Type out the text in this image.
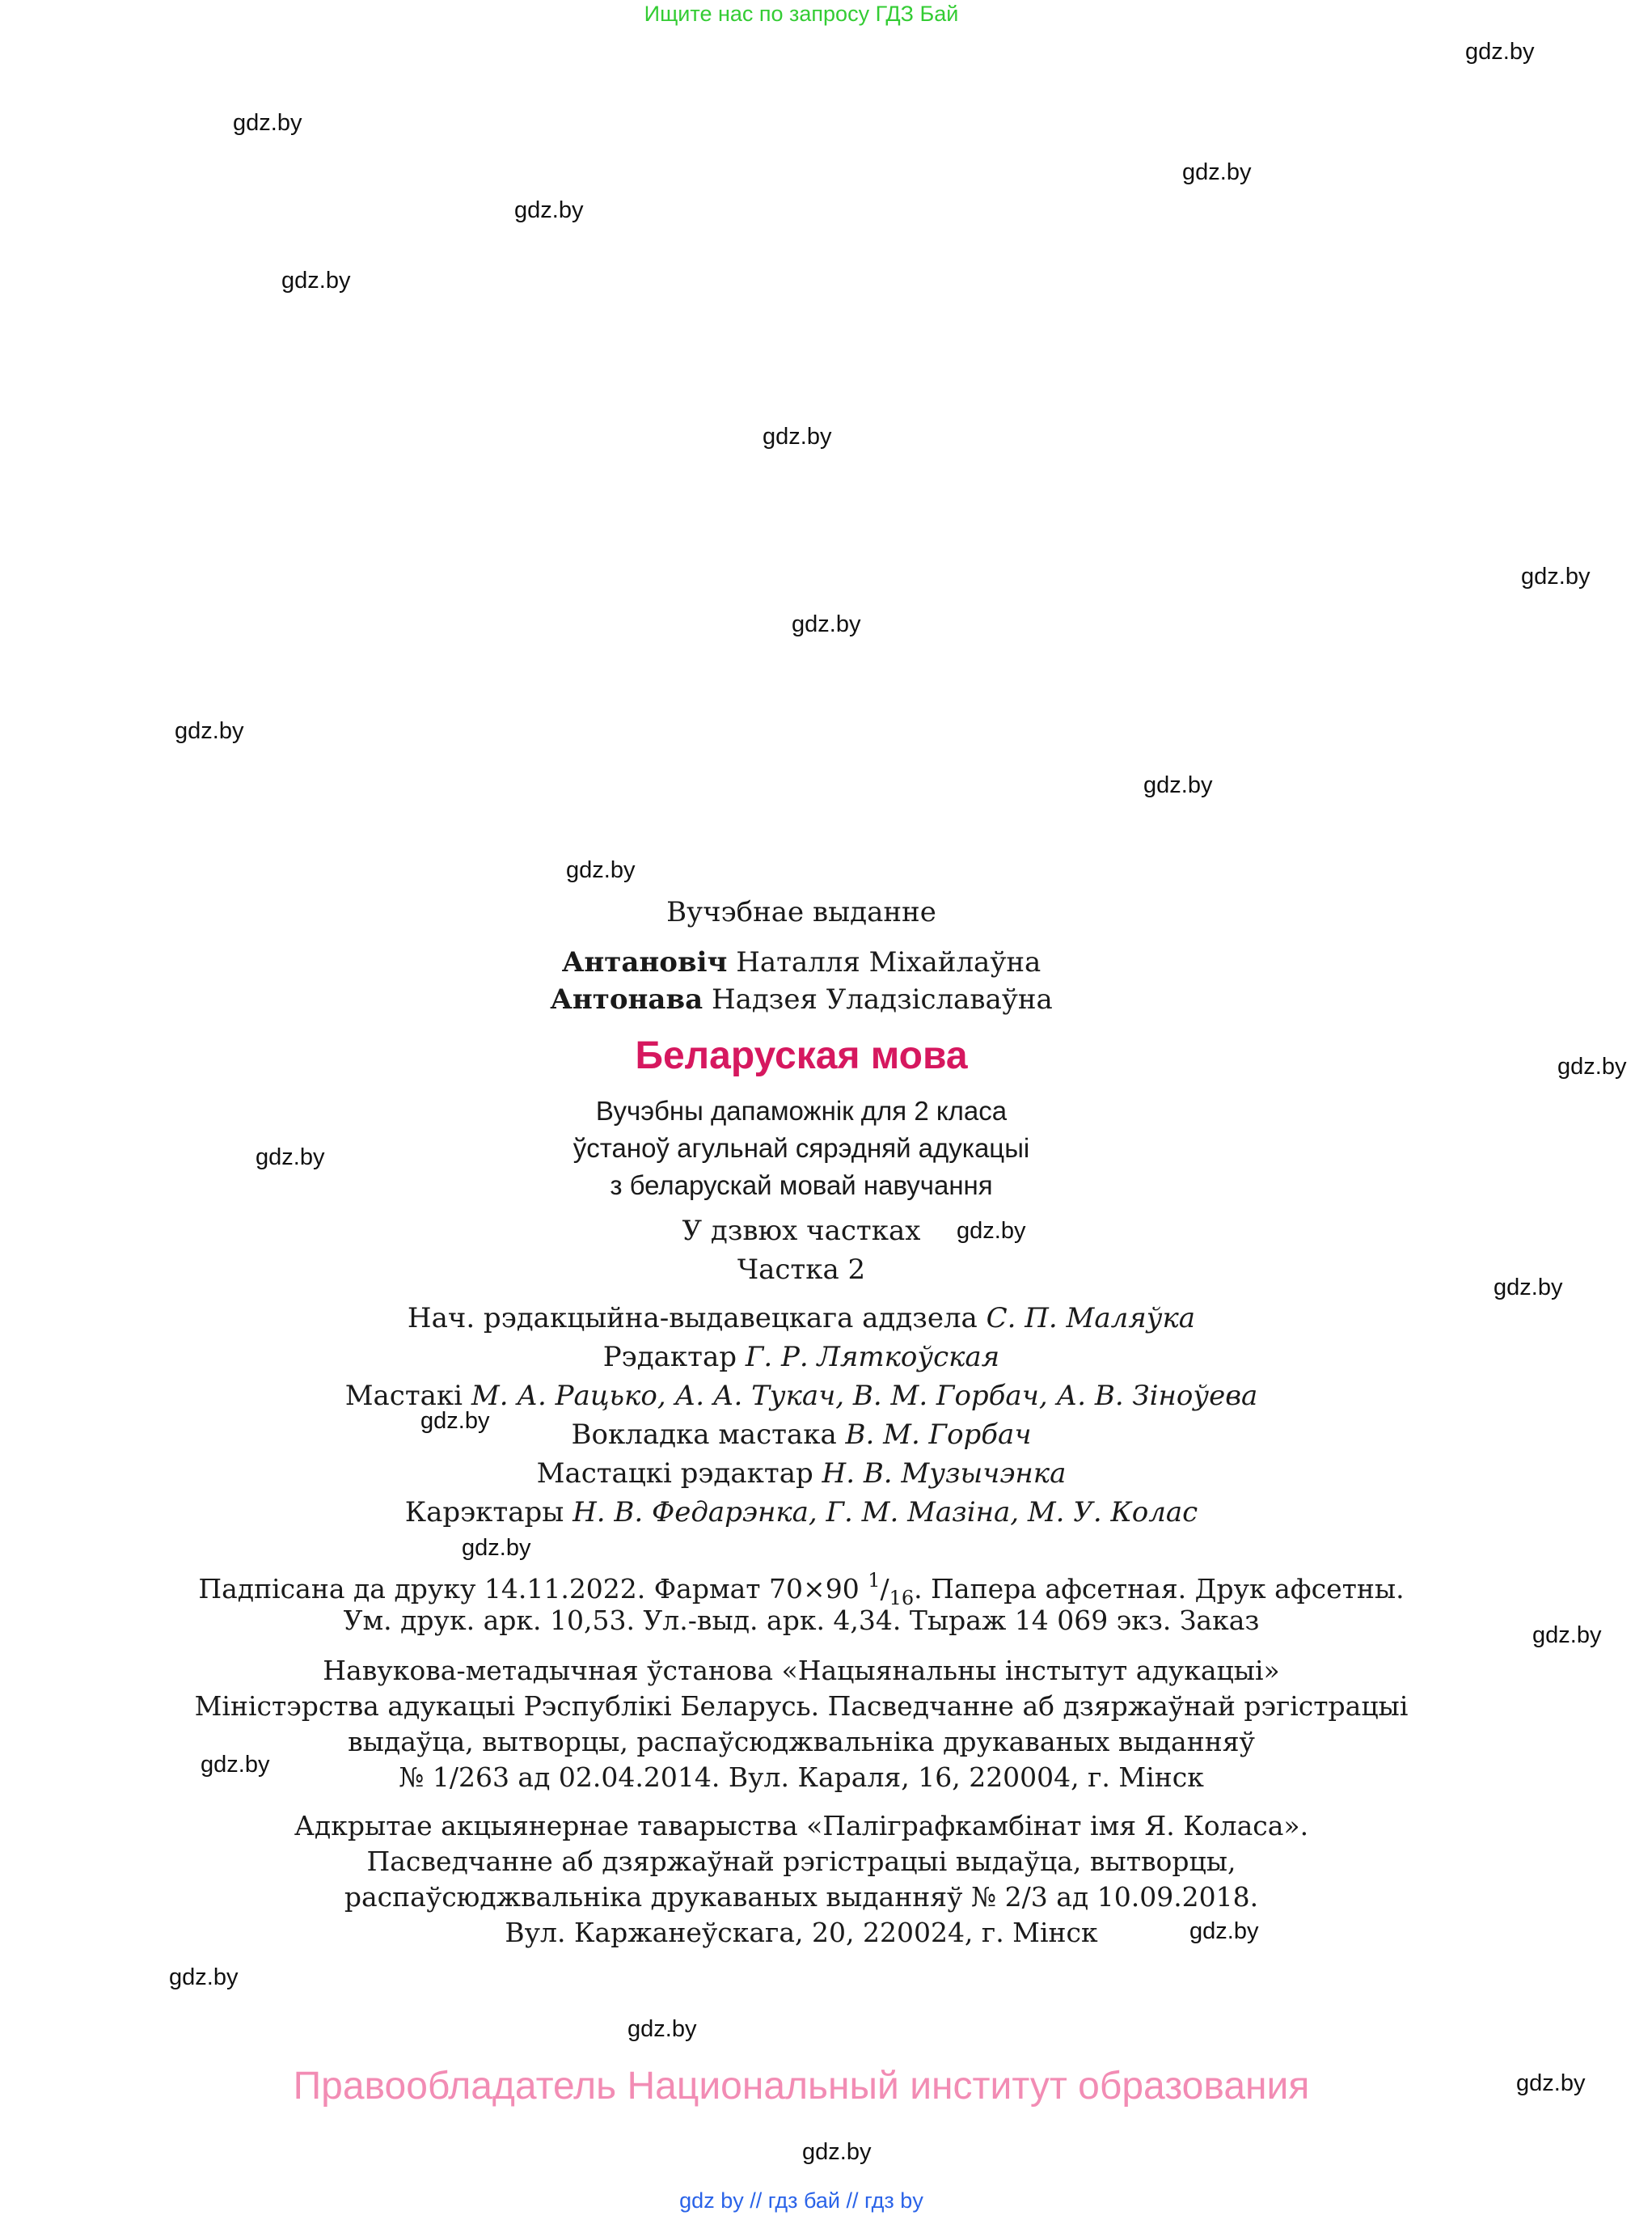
Ищите нас по запросу ГДЗ Бай
gdz.by
gdz.by
gdz.by
gdz.by
gdz.by
gdz.by
gdz.by
gdz.by
gdz.by
gdz.by
gdz.by
gdz.by
gdz.by
gdz.by
gdz.by
gdz.by
gdz.by
gdz.by
gdz.by
gdz.by
gdz.by
gdz.by
gdz.by
gdz.by
Вучэбнае выданне
Антановіч Наталля Міхайлаўна
Антонава Надзея Уладзіславаўна
Беларуская мова
Вучэбны дапаможнік для 2 класа
ўстаноў агульнай сярэдняй адукацыі
з беларускай мовай навучання
У дзвюх частках
Частка 2
Нач. рэдакцыйна-выдавецкага аддзела С. П. Маляўка
Рэдактар Г. Р. Ляткоўская
Мастакі М. А. Рацько, А. А. Тукач, В. М. Горбач, А. В. Зіноўева
Вокладка мастака В. М. Горбач
Мастацкі рэдактар Н. В. Музычэнка
Карэктары Н. В. Федарэнка, Г. М. Мазіна, М. У. Колас
Падпісана да друку 14.11.2022. Фармат 70×90 $^1/_{16}$. Папера афсетная. Друк афсетны.
Ум. друк. арк. 10,53. Ул.-выд. арк. 4,34. Тыраж 14 069 экз. Заказ
Навукова-метадычная ўстанова «Нацыянальны інстытут адукацыі»
Міністэрства адукацыі Рэспублікі Беларусь. Пасведчанне аб дзяржаўнай рэгістрацыі
выдаўца, вытворцы, распаўсюджвальніка друкаваных выданняў
№ 1/263 ад 02.04.2014. Вул. Караля, 16, 220004, г. Мінск
Адкрытае акцыянернае таварыства «Паліграфкамбінат імя Я. Коласа».
Пасведчанне аб дзяржаўнай рэгістрацыі выдаўца, вытворцы,
распаўсюджвальніка друкаваных выданняў № 2/3 ад 10.09.2018.
Вул. Каржанеўскага, 20, 220024, г. Мінск
Правообладатель Национальный институт образования
gdz by // гдз бай // гдз by
